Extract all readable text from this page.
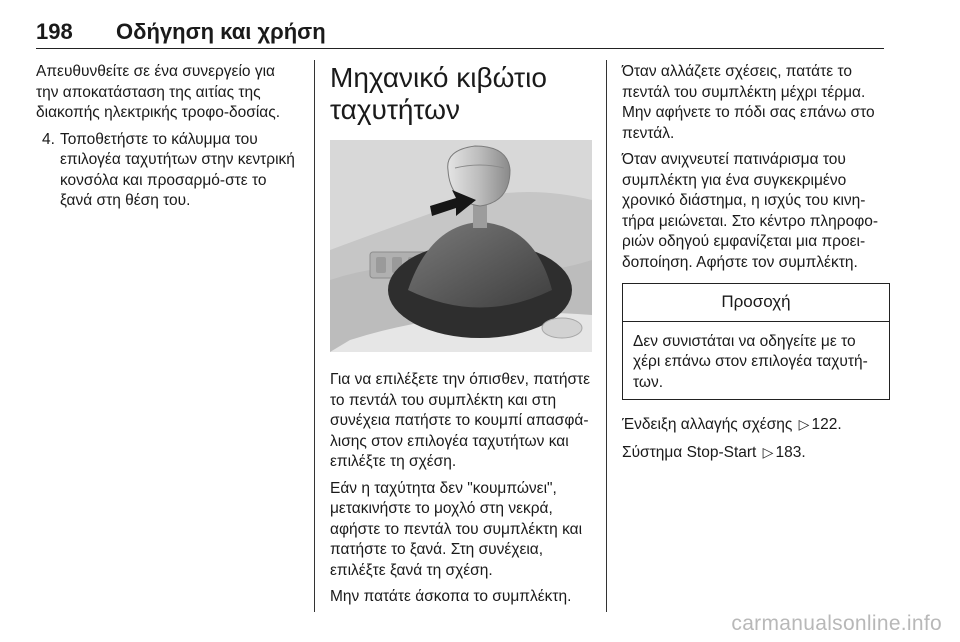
198 Οδήγηση και χρήση

Απευθυνθείτε σε ένα συνεργείο για την αποκατάσταση της αιτίας της διακοπής ηλεκτρικής τροφο-δοσίας.

4. Τοποθετήστε το κάλυμμα του επιλογέα ταχυτήτων στην κεντρική κονσόλα και προσαρμό-στε το ξανά στη θέση του.
Μηχανικό κιβώτιο ταχυτήτων

Για να επιλέξετε την όπισθεν, πατήστε το πεντάλ του συμπλέκτη και στη συνέχεια πατήστε το κουμπί απασφά-λισης στον επιλογέα ταχυτήτων και επιλέξτε τη σχέση.

Εάν η ταχύτητα δεν "κουμπώνει", μετακινήστε το μοχλό στη νεκρά, αφήστε το πεντάλ του συμπλέκτη και πατήστε το ξανά. Στη συνέχεια, επιλέξτε ξανά τη σχέση.

Μην πατάτε άσκοπα το συμπλέκτη.

Όταν αλλάζετε σχέσεις, πατάτε το πεντάλ του συμπλέκτη μέχρι τέρμα. Μην αφήνετε το πόδι σας επάνω στο πεντάλ.

Όταν ανιχνευτεί πατινάρισμα του συμπλέκτη για ένα συγκεκριμένο χρονικό διάστημα, η ισχύς του κινη-τήρα μειώνεται. Στο κέντρο πληροφο-ριών οδηγού εμφανίζεται μια προει-δοποίηση. Αφήστε τον συμπλέκτη.

Προσοχή

Δεν συνιστάται να οδηγείτε με το χέρι επάνω στον επιλογέα ταχυτή-των.

Ένδειξη αλλαγής σχέσης ▷ 122.

Σύστημα Stop-Start ▷ 183.

carmanualsonline.info
